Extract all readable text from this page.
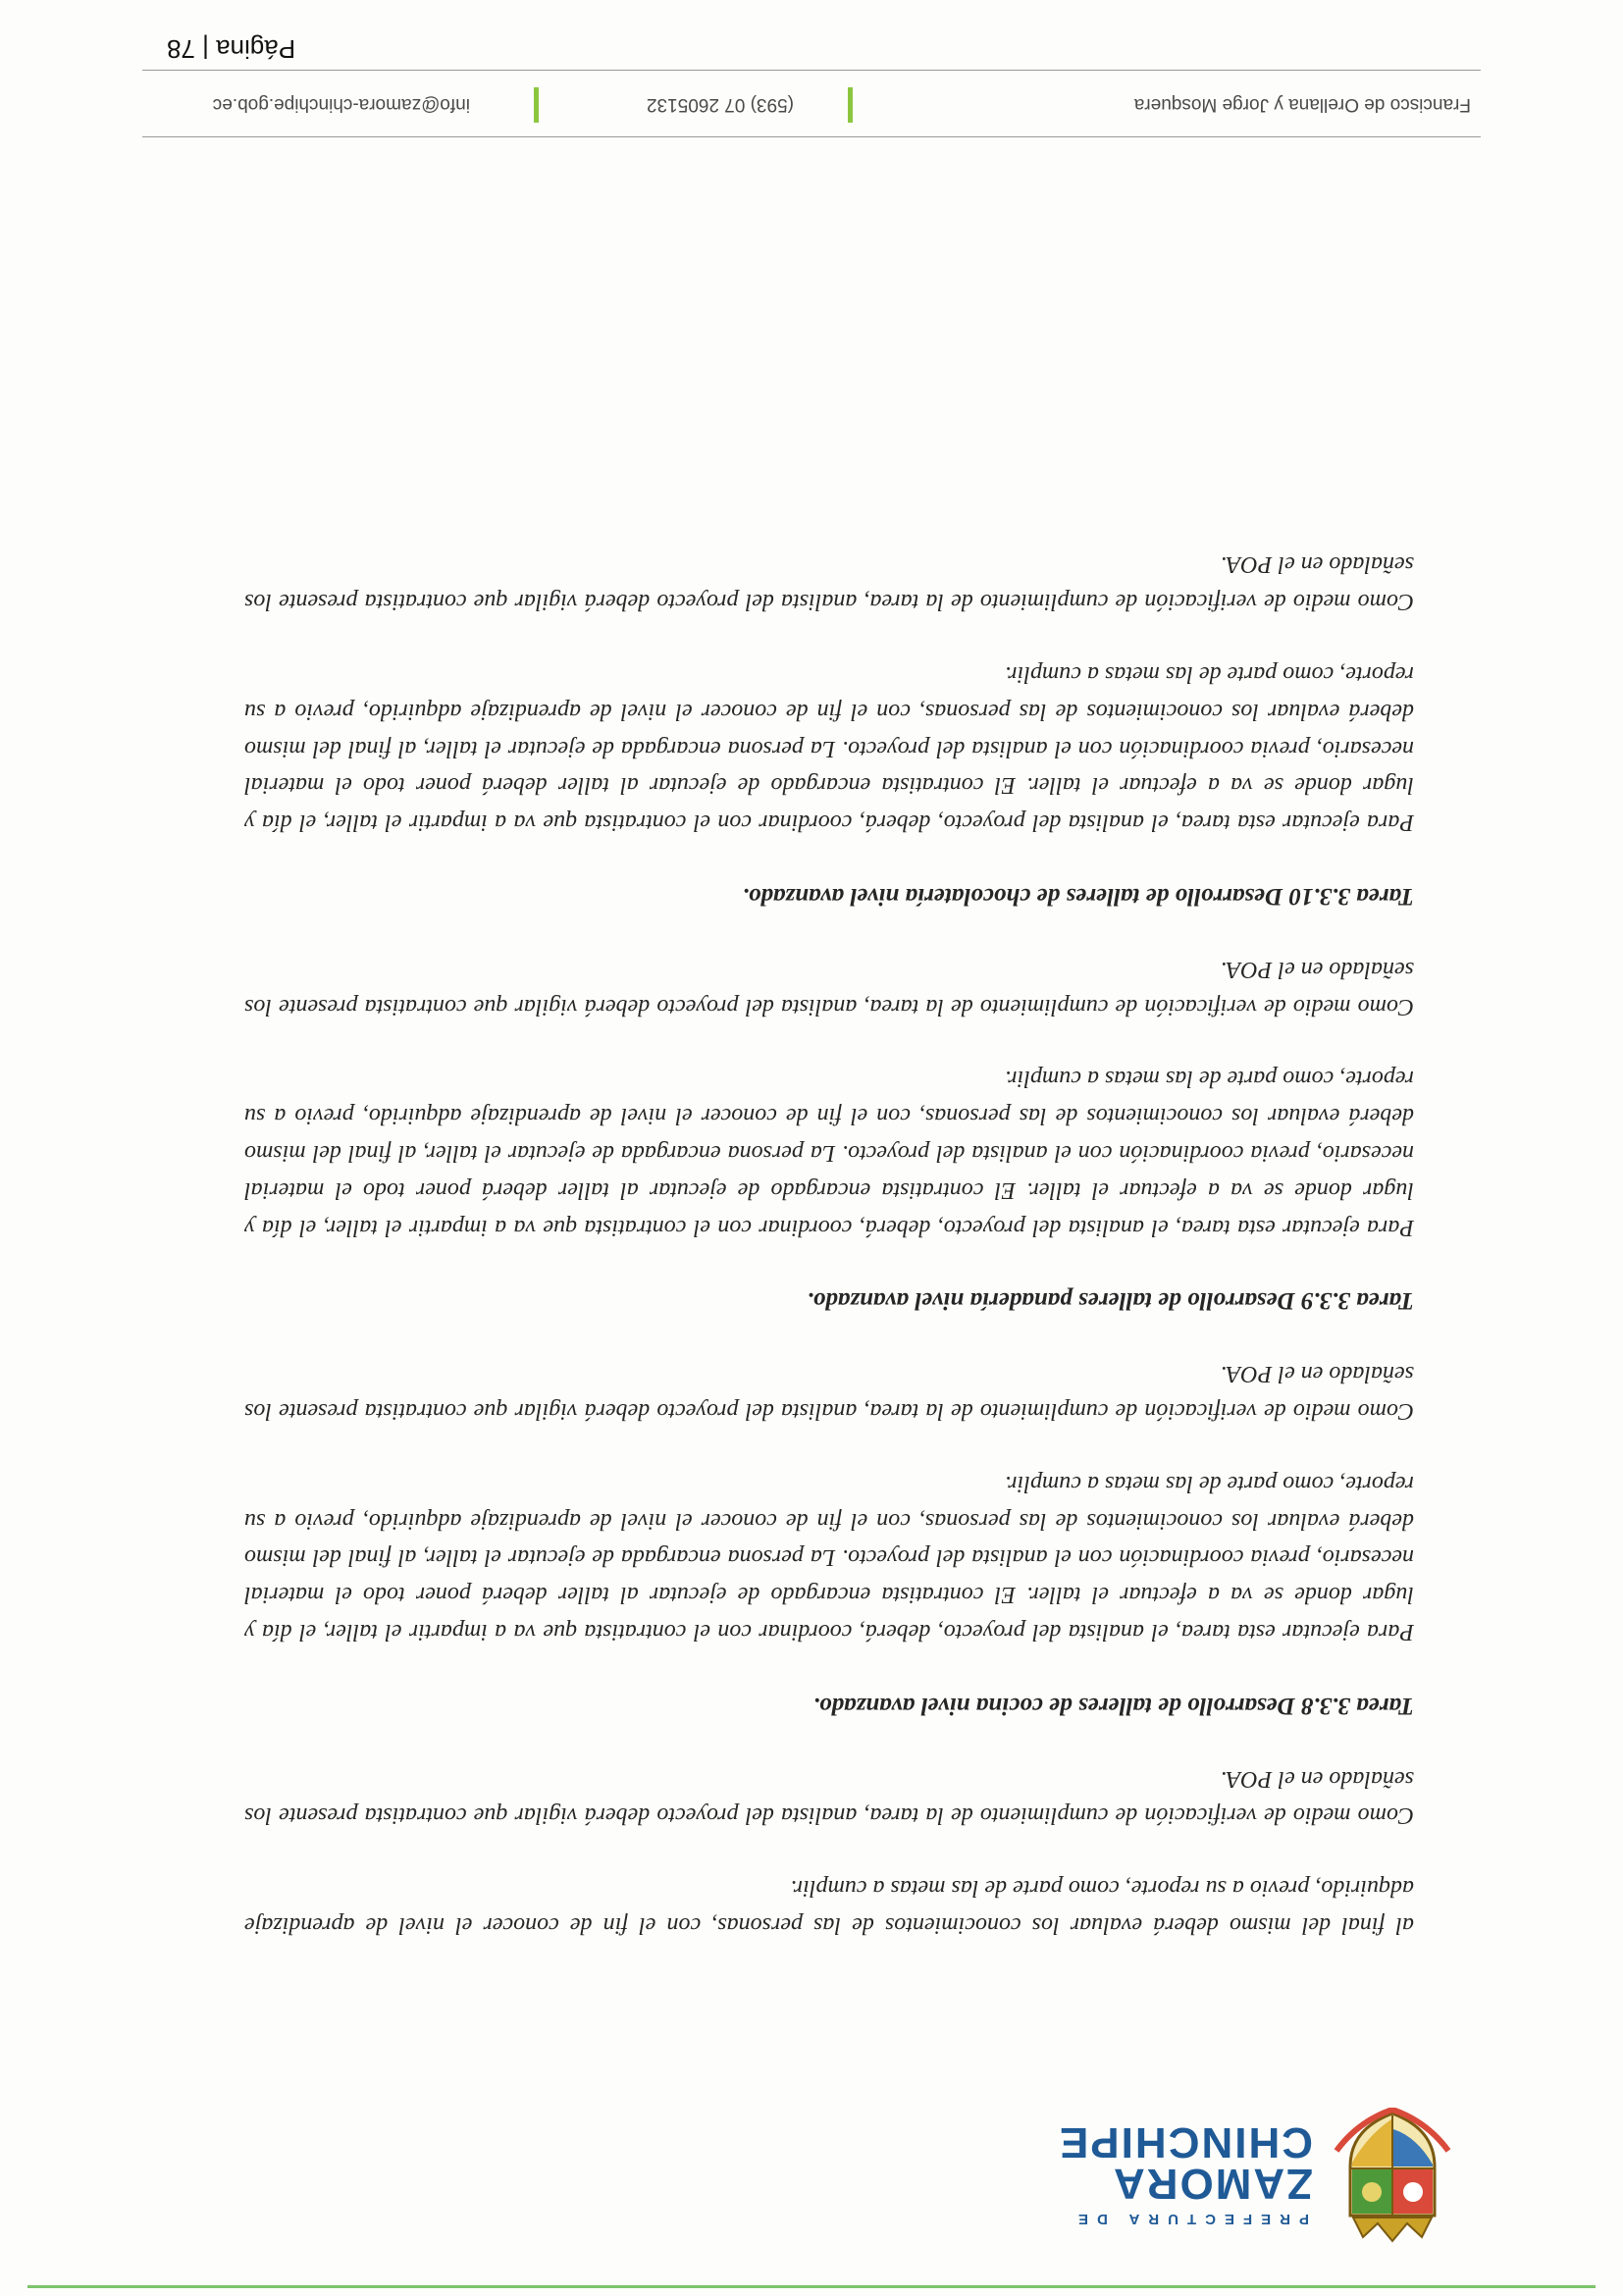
PREFECTURA DE
ZAMORA
CHINCHIPE

al final del mismo deberá evaluar los conocimientos de las personas, con el fin de conocer el nivel de aprendizaje adquirido, previo a su reporte, como parte de las metas a cumplir.

Como medio de verificación de cumplimiento de la tarea, analista del proyecto deberá vigilar que contratista presente los señalado en el POA.

Tarea 3.3.8 Desarrollo de talleres de cocina nivel avanzado.

Para ejecutar esta tarea, el analista del proyecto, deberá, coordinar con el contratista que va a impartir el taller, el día y lugar donde se va a efectuar el taller. El contratista encargado de ejecutar al taller deberá poner todo el material necesario, previa coordinación con el analista del proyecto. La persona encargada de ejecutar el taller, al final del mismo deberá evaluar los conocimientos de las personas, con el fin de conocer el nivel de aprendizaje adquirido, previo a su reporte, como parte de las metas a cumplir.

Como medio de verificación de cumplimiento de la tarea, analista del proyecto deberá vigilar que contratista presente los señalado en el POA.

Tarea 3.3.9 Desarrollo de talleres panadería nivel avanzado.

Para ejecutar esta tarea, el analista del proyecto, deberá, coordinar con el contratista que va a impartir el taller, el día y lugar donde se va a efectuar el taller. El contratista encargado de ejecutar al taller deberá poner todo el material necesario, previa coordinación con el analista del proyecto. La persona encargada de ejecutar el taller, al final del mismo deberá evaluar los conocimientos de las personas, con el fin de conocer el nivel de aprendizaje adquirido, previo a su reporte, como parte de las metas a cumplir.

Como medio de verificación de cumplimiento de la tarea, analista del proyecto deberá vigilar que contratista presente los señalado en el POA.

Tarea 3.3.10 Desarrollo de talleres de chocolatería nivel avanzado.

Para ejecutar esta tarea, el analista del proyecto, deberá, coordinar con el contratista que va a impartir el taller, el día y lugar donde se va a efectuar el taller. El contratista encargado de ejecutar al taller deberá poner todo el material necesario, previa coordinación con el analista del proyecto. La persona encargada de ejecutar el taller, al final del mismo deberá evaluar los conocimientos de las personas, con el fin de conocer el nivel de aprendizaje adquirido, previo a su reporte, como parte de las metas a cumplir.

Como medio de verificación de cumplimiento de la tarea, analista del proyecto deberá vigilar que contratista presente los señalado en el POA.

Francisco de Orellana y Jorge Mosquera
(593) 07 2605132
info@zamora-chinchipe.gob.ec
Página | 78
